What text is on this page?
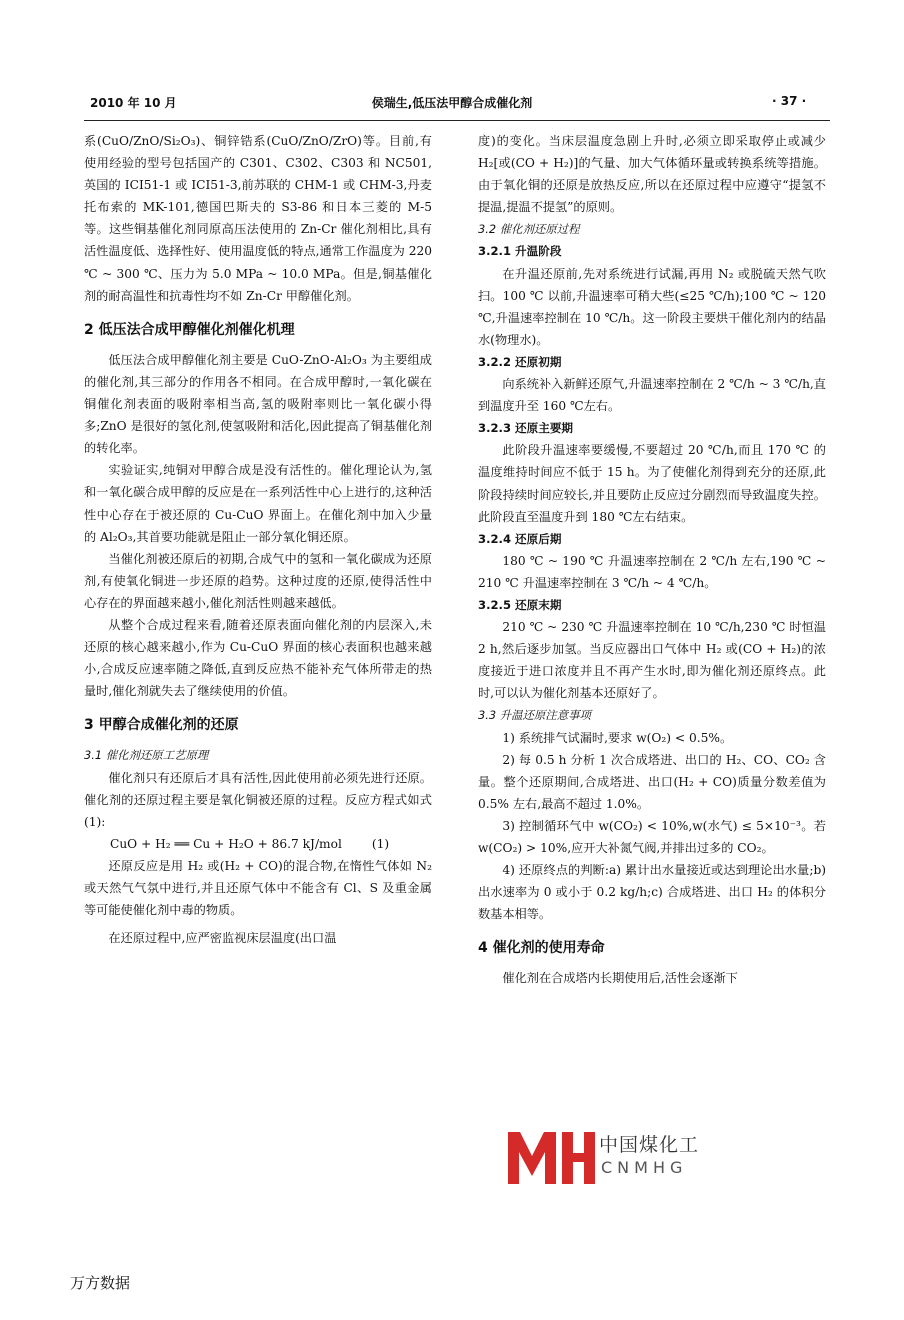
2010 年 10 月	侯瑞生,低压法甲醇合成催化剂	· 37 ·

系(CuO/ZnO/Si₂O₃)、铜锌锆系(CuO/ZnO/ZrO)等。目前,有使用经验的型号包括国产的 C301、C302、C303 和 NC501,英国的 ICI51-1 或 ICI51-3,前苏联的 CHM-1 或 CHM-3,丹麦托布索的 MK-101,德国巴斯夫的 S3-86 和日本三菱的 M-5 等。这些铜基催化剂同原高压法使用的 Zn-Cr 催化剂相比,具有活性温度低、选择性好、使用温度低的特点,通常工作温度为 220 ℃ ~ 300 ℃、压力为 5.0 MPa ~ 10.0 MPa。但是,铜基催化剂的耐高温性和抗毒性均不如 Zn-Cr 甲醇催化剂。

2 低压法合成甲醇催化剂催化机理

低压法合成甲醇催化剂主要是 CuO-ZnO-Al₂O₃ 为主要组成的催化剂,其三部分的作用各不相同。在合成甲醇时,一氧化碳在铜催化剂表面的吸附率相当高,氢的吸附率则比一氧化碳小得多;ZnO 是很好的氢化剂,使氢吸附和活化,因此提高了铜基催化剂的转化率。

实验证实,纯铜对甲醇合成是没有活性的。催化理论认为,氢和一氧化碳合成甲醇的反应是在一系列活性中心上进行的,这种活性中心存在于被还原的 Cu-CuO 界面上。在催化剂中加入少量的 Al₂O₃,其首要功能就是阻止一部分氧化铜还原。

当催化剂被还原后的初期,合成气中的氢和一氧化碳成为还原剂,有使氧化铜进一步还原的趋势。这种过度的还原,使得活性中心存在的界面越来越小,催化剂活性则越来越低。

从整个合成过程来看,随着还原表面向催化剂的内层深入,未还原的核心越来越小,作为 Cu-CuO 界面的核心表面积也越来越小,合成反应速率随之降低,直到反应热不能补充气体所带走的热量时,催化剂就失去了继续使用的价值。

3 甲醇合成催化剂的还原

3.1 催化剂还原工艺原理

催化剂只有还原后才具有活性,因此使用前必须先进行还原。催化剂的还原过程主要是氧化铜被还原的过程。反应方程式如式(1):

CuO + H₂ ══ Cu + H₂O + 86.7 kJ/mol (1)

还原反应是用 H₂ 或(H₂ + CO)的混合物,在惰性气体如 N₂ 或天然气气氛中进行,并且还原气体中不能含有 Cl、S 及重金属等可能使催化剂中毒的物质。

在还原过程中,应严密监视床层温度(出口温

度)的变化。当床层温度急剧上升时,必须立即采取停止或减少 H₂[或(CO + H₂)]的气量、加大气体循环量或转换系统等措施。由于氧化铜的还原是放热反应,所以在还原过程中应遵守“提氢不提温,提温不提氢”的原则。

3.2 催化剂还原过程

3.2.1 升温阶段

在升温还原前,先对系统进行试漏,再用 N₂ 或脱硫天然气吹扫。100 ℃ 以前,升温速率可稍大些(≤25 ℃/h);100 ℃ ~ 120 ℃,升温速率控制在 10 ℃/h。这一阶段主要烘干催化剂内的结晶水(物理水)。

3.2.2 还原初期

向系统补入新鲜还原气,升温速率控制在 2 ℃/h ~ 3 ℃/h,直到温度升至 160 ℃左右。

3.2.3 还原主要期

此阶段升温速率要缓慢,不要超过 20 ℃/h,而且 170 ℃ 的温度维持时间应不低于 15 h。为了使催化剂得到充分的还原,此阶段持续时间应较长,并且要防止反应过分剧烈而导致温度失控。此阶段直至温度升到 180 ℃左右结束。

3.2.4 还原后期

180 ℃ ~ 190 ℃ 升温速率控制在 2 ℃/h 左右,190 ℃ ~ 210 ℃ 升温速率控制在 3 ℃/h ~ 4 ℃/h。

3.2.5 还原末期

210 ℃ ~ 230 ℃ 升温速率控制在 10 ℃/h,230 ℃ 时恒温 2 h,然后逐步加氢。当反应器出口气体中 H₂ 或(CO + H₂)的浓度接近于进口浓度并且不再产生水时,即为催化剂还原终点。此时,可以认为催化剂基本还原好了。

3.3 升温还原注意事项

1) 系统排气试漏时,要求 w(O₂) < 0.5%。

2) 每 0.5 h 分析 1 次合成塔进、出口的 H₂、CO、CO₂ 含量。整个还原期间,合成塔进、出口(H₂ + CO)质量分数差值为 0.5% 左右,最高不超过 1.0%。

3) 控制循环气中 w(CO₂) < 10%,w(水气) ≤ 5×10⁻³。若 w(CO₂) > 10%,应开大补氮气阀,并排出过多的 CO₂。

4) 还原终点的判断:a) 累计出水量接近或达到理论出水量;b) 出水速率为 0 或小于 0.2 kg/h;c) 合成塔进、出口 H₂ 的体积分数基本相等。

4 催化剂的使用寿命

催化剂在合成塔内长期使用后,活性会逐渐下

中国煤化工
CNMHG
万方数据
